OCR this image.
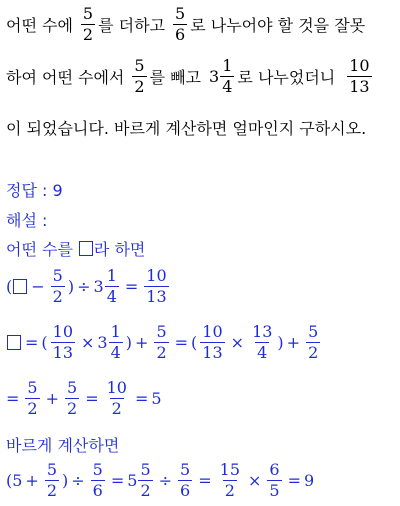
어떤 수에
5
2 를 더하고
5
6 로 나누어야 할 것을 잘못
하여 어떤 수에서
5
2 를 빼고 3
1
4 로 나누었더니
10
13
이 되었습니다. 바르게 계산하면 얼마인지 구하시오.
정답 : 9
해설 :
어떤 수를 라 하면
( − $\frac{5}{2}$ ) ÷ 3
1
4
= $\frac{10}{13}$
= ( $\frac{10}{13} \times 3$
1
4
) + $\frac{5}{2}$ = ( $\frac{10}{13} \times \frac{13}{4}$ ) + $\frac{5}{2}$
= $\frac{5}{2} + \frac{5}{2} = \frac{10}{2} = 5$
바르게 계산하면
($5 + \frac{5}{2}$ ) ÷ $\frac{5}{6} = 5$
5
2
÷ $\frac{5}{6} = \frac{15}{2} \times \frac{6}{5} = 9$
